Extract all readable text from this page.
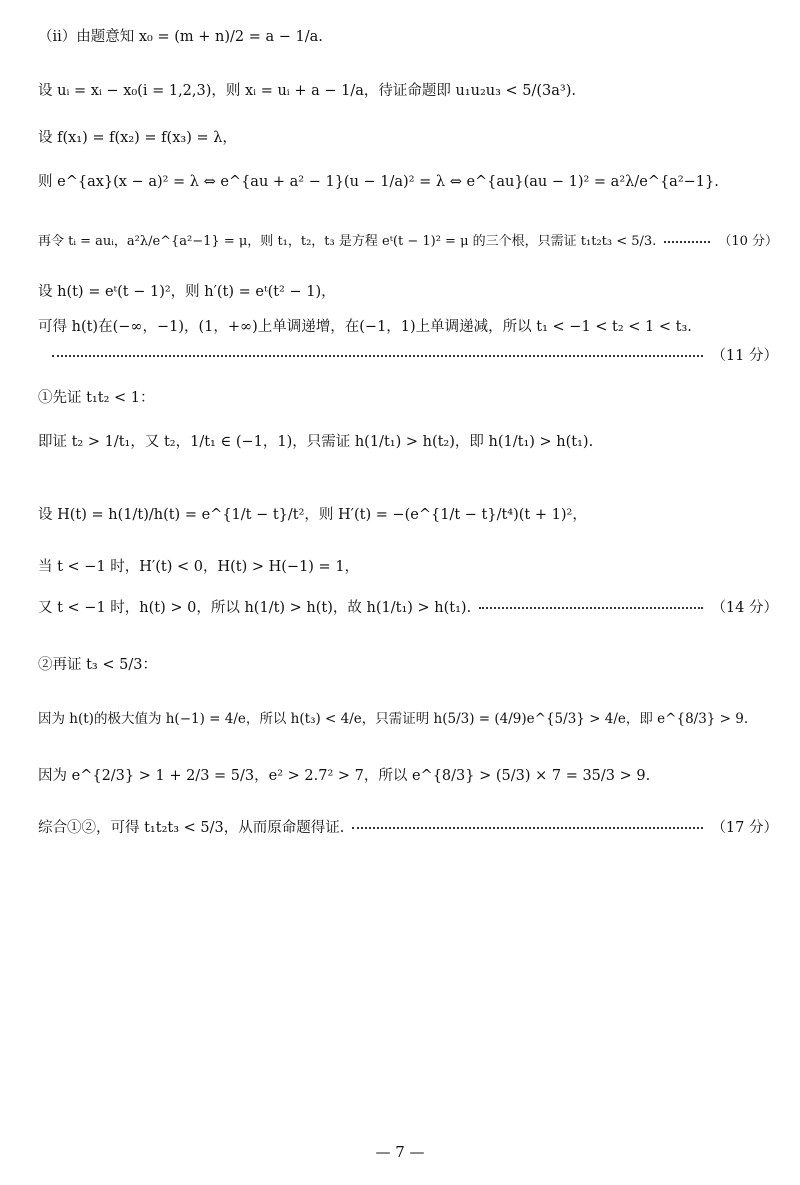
（ⅱ）由题意知 x₀ = (m + n)/2 = a − 1/a.
设 uᵢ = xᵢ − x₀(i = 1,2,3)，则 xᵢ = uᵢ + a − 1/a，待证命题即 u₁u₂u₃ < 5/(3a³).
设 f(x₁) = f(x₂) = f(x₃) = λ，
则 e^{ax}(x − a)² = λ ⇔ e^{au + a² − 1}(u − 1/a)² = λ ⇔ e^{au}(au − 1)² = a²λ/e^{a²−1}.
再令 tᵢ = auᵢ，a²λ/e^{a²−1} = μ，则 t₁，t₂，t₃ 是方程 eᵗ(t − 1)² = μ 的三个根，只需证 t₁t₂t₃ < 5/3.	（10 分）
设 h(t) = eᵗ(t − 1)²，则 h′(t) = eᵗ(t² − 1)，
可得 h(t)在(−∞，−1)，(1，+∞)上单调递增，在(−1，1)上单调递减，所以 t₁ < −1 < t₂ < 1 < t₃.
（11 分）
①先证 t₁t₂ < 1：
即证 t₂ > 1/t₁，又 t₂，1/t₁ ∈ (−1，1)，只需证 h(1/t₁) > h(t₂)，即 h(1/t₁) > h(t₁).
设 H(t) = h(1/t)/h(t) = e^{1/t − t}/t²，则 H′(t) = −(e^{1/t − t}/t⁴)(t + 1)²，
当 t < −1 时，H′(t) < 0，H(t) > H(−1) = 1，
又 t < −1 时，h(t) > 0，所以 h(1/t) > h(t)，故 h(1/t₁) > h(t₁).	（14 分）
②再证 t₃ < 5/3：
因为 h(t)的极大值为 h(−1) = 4/e，所以 h(t₃) < 4/e，只需证明 h(5/3) = (4/9)e^{5/3} > 4/e，即 e^{8/3} > 9.
因为 e^{2/3} > 1 + 2/3 = 5/3，e² > 2.7² > 7，所以 e^{8/3} > (5/3) × 7 = 35/3 > 9.
综合①②，可得 t₁t₂t₃ < 5/3，从而原命题得证.	（17 分）
— 7 —
